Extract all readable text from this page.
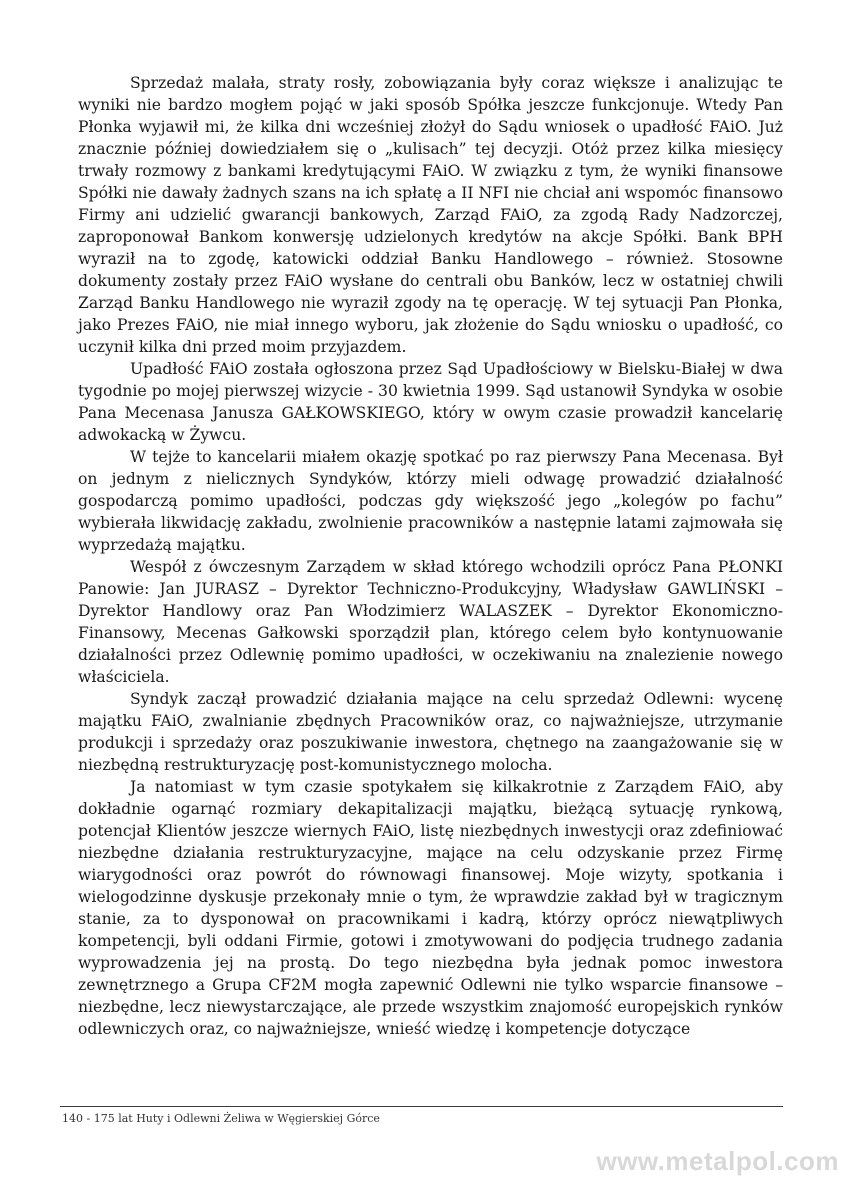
Sprzedaż malała, straty rosły, zobowiązania były coraz większe i analizując te wyniki nie bardzo mogłem pojąć w jaki sposób Spółka jeszcze funkcjonuje. Wtedy Pan Płonka wyjawił mi, że kilka dni wcześniej złożył do Sądu wniosek o upadłość FAiO. Już znacznie później dowiedziałem się o „kulisach” tej decyzji. Otóż przez kilka miesięcy trwały rozmowy z bankami kredytującymi FAiO. W związku z tym, że wyniki finansowe Spółki nie dawały żadnych szans na ich spłatę a II NFI nie chciał ani wspomóc finansowo Firmy ani udzielić gwarancji bankowych, Zarząd FAiO, za zgodą Rady Nadzorczej, zaproponował Bankom konwersję udzielonych kredytów na akcje Spółki. Bank BPH wyraził na to zgodę, katowicki oddział Banku Handlowego – również. Stosowne dokumenty zostały przez FAiO wysłane do centrali obu Banków, lecz w ostatniej chwili Zarząd Banku Handlowego nie wyraził zgody na tę operację. W tej sytuacji Pan Płonka, jako Prezes FAiO, nie miał innego wyboru, jak złożenie do Sądu wniosku o upadłość, co uczynił kilka dni przed moim przyjazdem.

Upadłość FAiO została ogłoszona przez Sąd Upadłościowy w Bielsku-Białej w dwa tygodnie po mojej pierwszej wizycie - 30 kwietnia 1999. Sąd ustanowił Syndyka w osobie Pana Mecenasa Janusza GAŁKOWSKIEGO, który w owym czasie prowadził kancelarię adwokacką w Żywcu.

W tejże to kancelarii miałem okazję spotkać po raz pierwszy Pana Mecenasa. Był on jednym z nielicznych Syndyków, którzy mieli odwagę prowadzić działalność gospodarczą pomimo upadłości, podczas gdy większość jego „kolegów po fachu” wybierała likwidację zakładu, zwolnienie pracowników a następnie latami zajmowała się wyprzedażą majątku.

Wespół z ówczesnym Zarządem w skład którego wchodzili oprócz Pana PŁONKI Panowie: Jan JURASZ – Dyrektor Techniczno-Produkcyjny, Władysław GAWLIŃSKI – Dyrektor Handlowy oraz Pan Włodzimierz WALASZEK – Dyrektor Ekonomiczno-Finansowy, Mecenas Gałkowski sporządził plan, którego celem było kontynuowanie działalności przez Odlewnię pomimo upadłości, w oczekiwaniu na znalezienie nowego właściciela.

Syndyk zaczął prowadzić działania mające na celu sprzedaż Odlewni: wycenę majątku FAiO, zwalnianie zbędnych Pracowników oraz, co najważniejsze, utrzymanie produkcji i sprzedaży oraz poszukiwanie inwestora, chętnego na zaangażowanie się w niezbędną restrukturyzację post-komunistycznego molocha.

Ja natomiast w tym czasie spotykałem się kilkakrotnie z Zarządem FAiO, aby dokładnie ogarnąć rozmiary dekapitalizacji majątku, bieżącą sytuację rynkową, potencjał Klientów jeszcze wiernych FAiO, listę niezbędnych inwestycji oraz zdefiniować niezbędne działania restrukturyzacyjne, mające na celu odzyskanie przez Firmę wiarygodności oraz powrót do równowagi finansowej. Moje wizyty, spotkania i wielogodzinne dyskusje przekonały mnie o tym, że wprawdzie zakład był w tragicznym stanie, za to dysponował on pracownikami i kadrą, którzy oprócz niewątpliwych kompetencji, byli oddani Firmie, gotowi i zmotywowani do podjęcia trudnego zadania wyprowadzenia jej na prostą. Do tego niezbędna była jednak pomoc inwestora zewnętrznego a Grupa CF2M mogła zapewnić Odlewni nie tylko wsparcie finansowe – niezbędne, lecz niewystarczające, ale przede wszystkim znajomość europejskich rynków odlewniczych oraz, co najważniejsze, wnieść wiedzę i kompetencje dotyczące

140 - 175 lat Huty i Odlewni Żeliwa w Węgierskiej Górce
www.metalpol.com
